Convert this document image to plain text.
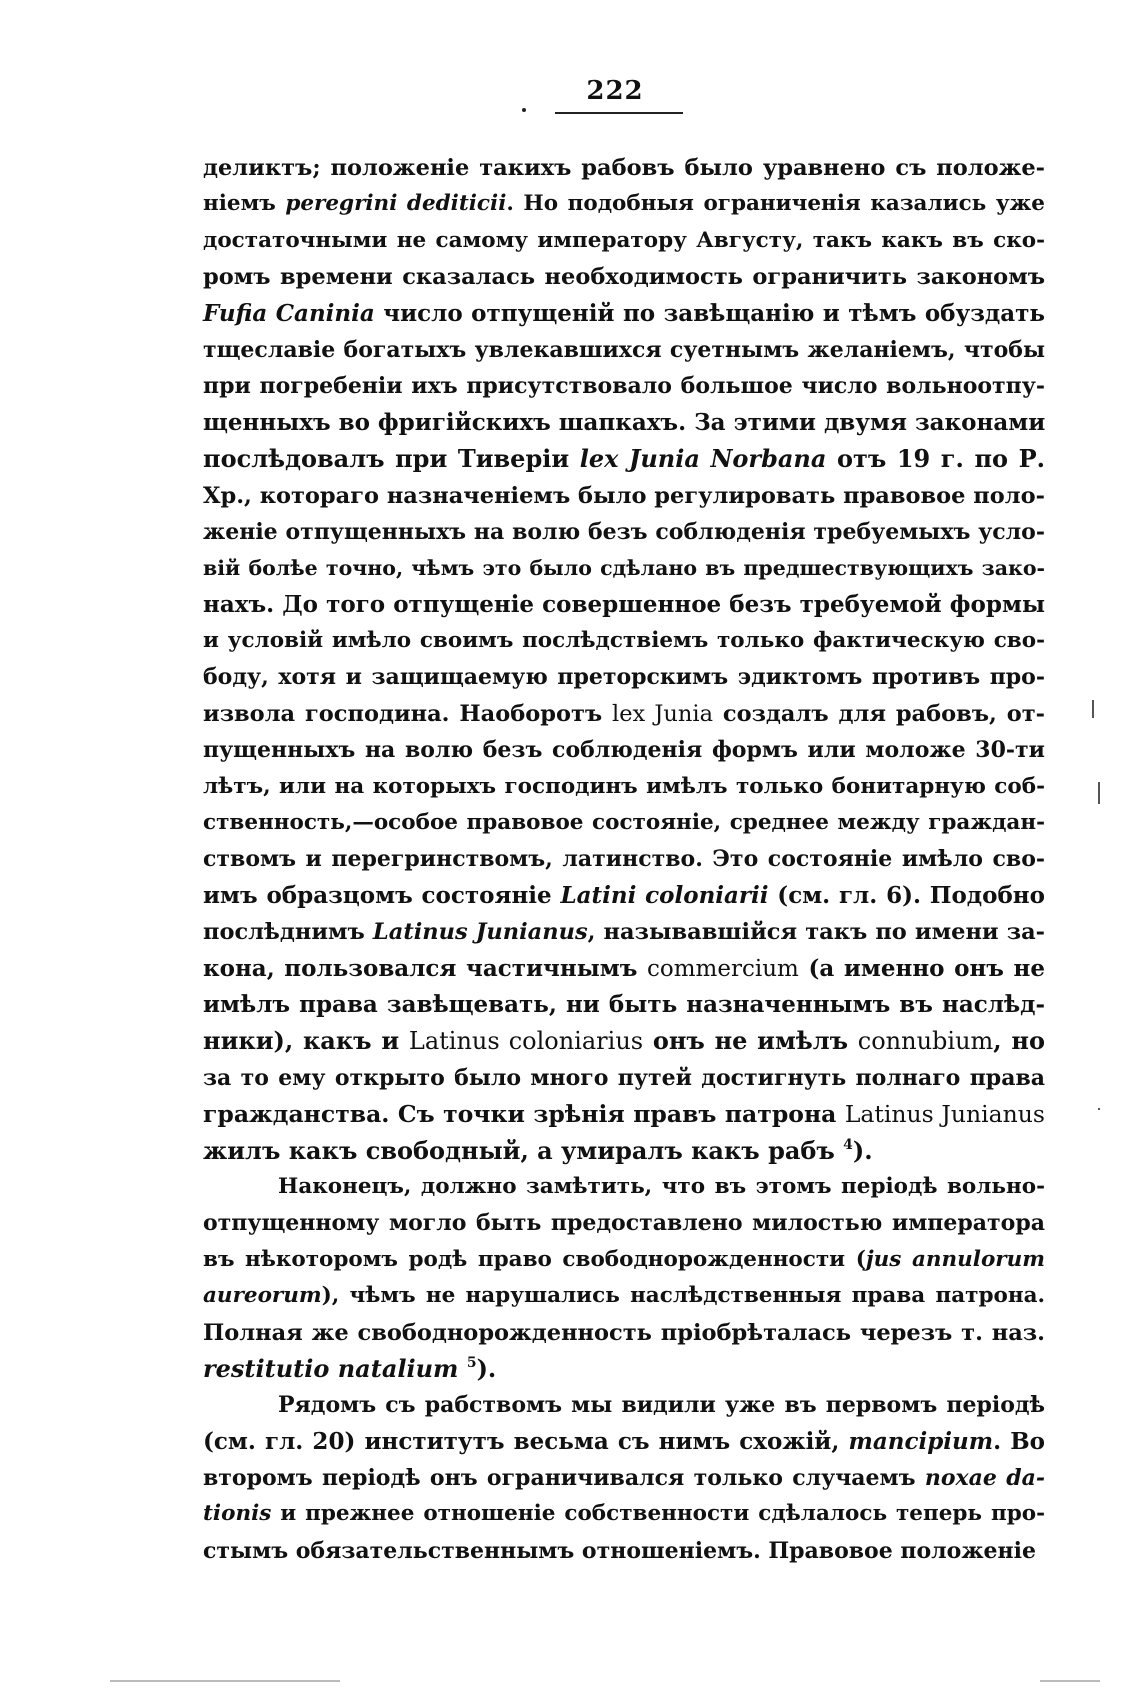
222
деликтъ; положеніе такихъ рабовъ было уравнено съ положе-
ніемъ peregrini dediticii. Но подобныя ограниченія казались уже
достаточными не самому императору Августу, такъ какъ въ ско-
ромъ времени сказалась необходимость ограничить закономъ
Fufia Caninia число отпущеній по завѣщанію и тѣмъ обуздать
тщеславіе богатыхъ увлекавшихся суетнымъ желаніемъ, чтобы
при погребеніи ихъ присутствовало большое число вольноотпу-
щенныхъ во фригійскихъ шапкахъ. За этими двумя законами
послѣдовалъ при Тиверіи lex Junia Norbana отъ 19 г. по Р.
Хр., котораго назначеніемъ было регулировать правовое поло-
женіе отпущенныхъ на волю безъ соблюденія требуемыхъ усло-
вій болѣе точно, чѣмъ это было сдѣлано въ предшествующихъ зако-
нахъ. До того отпущеніе совершенное безъ требуемой формы
и условій имѣло своимъ послѣдствіемъ только фактическую сво-
боду, хотя и защищаемую преторскимъ эдиктомъ противъ про-
извола господина. Наоборотъ lex Junia создалъ для рабовъ, от-
пущенныхъ на волю безъ соблюденія формъ или моложе 30-ти
лѣтъ, или на которыхъ господинъ имѣлъ только бонитарную соб-
ственность,—особое правовое состояніе, среднее между граждан-
ствомъ и перегринствомъ, латинство. Это состояніе имѣло сво-
имъ образцомъ состояніе Latini coloniarii (см. гл. 6). Подобно
послѣднимъ Latinus Junianus, называвшійся такъ по имени за-
кона, пользовался частичнымъ commercium (а именно онъ не
имѣлъ права завѣщевать, ни быть назначеннымъ въ наслѣд-
ники), какъ и Latinus coloniarius онъ не имѣлъ connubium, но
за то ему открыто было много путей достигнуть полнаго права
гражданства. Съ точки зрѣнія правъ патрона Latinus Junianus
жилъ какъ свободный, а умиралъ какъ рабъ $^4$).
Наконецъ, должно замѣтить, что въ этомъ періодѣ вольно-
отпущенному могло быть предоставлено милостью императора
въ нѣкоторомъ родѣ право свободнорожденности (jus annulorum
aureorum), чѣмъ не нарушались наслѣдственныя права патрона.
Полная же свободнорожденность пріобрѣталась черезъ т. наз.
restitutio natalium $^5$).
Рядомъ съ рабствомъ мы видили уже въ первомъ періодѣ
(см. гл. 20) институтъ весьма съ нимъ схожій, mancipium. Во
второмъ періодѣ онъ ограничивался только случаемъ noxae da-
tionis и прежнее отношеніе собственности сдѣлалось теперь про-
стымъ обязательственнымъ отношеніемъ. Правовое положеніе
